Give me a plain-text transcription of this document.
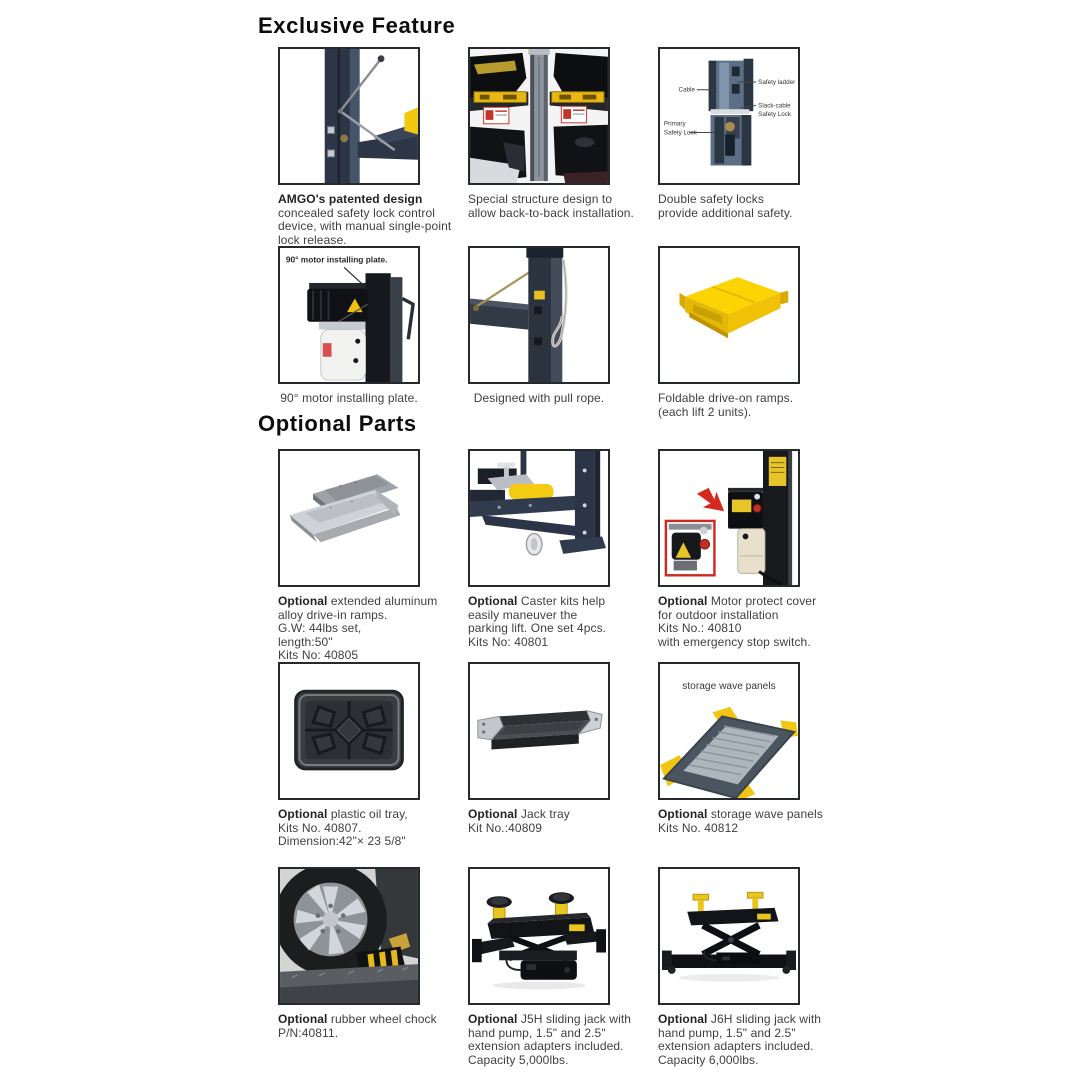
Exclusive Feature
AMGO's patented design
concealed safety lock control
device, with manual single-point
lock release.
Special structure design to
allow back-to-back installation.
Cable
Safety ladder
Slack-cable
Safety Lock
Primary
Safety Lock
Double safety locks
provide additional safety.
90° motor installing plate.
90° motor installing plate.	Designed with pull rope.	Foldable drive-on ramps.
(each lift 2 units).
Optional Parts
Optional extended aluminum
alloy drive-in ramps.
G.W: 44lbs set,
length:50"
Kits No: 40805
Optional Caster kits help
easily maneuver the
parking lift. One set 4pcs.
Kits No: 40801
Optional Motor protect cover
for outdoor installation
Kits No.: 40810
with emergency stop switch.
Optional plastic oil tray,
Kits No. 40807.
Dimension:42"× 23 5/8"
Optional Jack tray
Kit No.:40809
storage wave panels
Optional storage wave panels
Kits No. 40812
Optional rubber wheel chock
P/N:40811.
Optional J5H sliding jack with
hand pump, 1.5" and 2.5"
extension adapters included.
Capacity 5,000lbs.
Optional J6H sliding jack with
hand pump, 1.5" and 2.5"
extension adapters included.
Capacity 6,000lbs.
